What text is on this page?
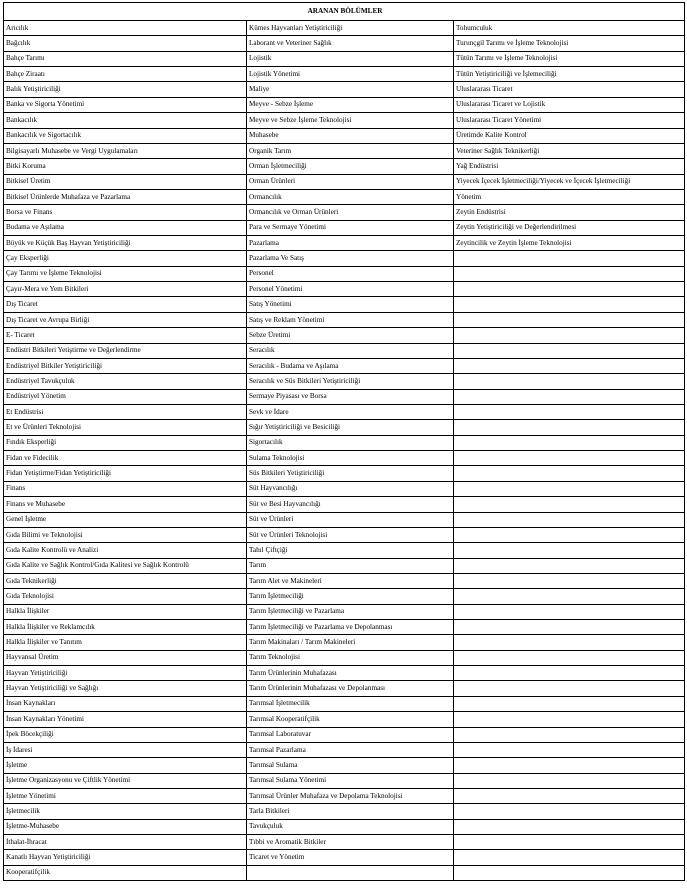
ARANAN BÖLÜMLER		
Arıcılık	Kümes Hayvanları Yetiştiriciliği	Tohumculuk
Bağcılık	Laborant ve Veteriner Sağlık	Turunçgil Tarımı ve İşleme Teknolojisi
Bahçe Tarımı	Lojistik	Tütün Tarımı ve İşleme Teknolojisi
Bahçe Ziraatı	Lojistik Yönetimi	Tütün Yetiştiriciliği ve İşlemeciliği
Balık Yetiştiriciliği	Maliye	Uluslararası Ticaret
Banka ve Sigorta Yönetimi	Meyve - Sebze İşleme	Uluslararası Ticaret ve Lojistik
Bankacılık	Meyve ve Sebze İşleme Teknolojisi	Uluslararası Ticaret Yönetimi
Bankacılık ve Sigortacılık	Muhasebe	Üretimde Kalite Kontrol
Bilgisayarlı Muhasebe ve Vergi Uygulamaları	Organik Tarım	Veteriner Sağlık Teknikerliği
Bitki Koruma	Orman İşletmeciliği	Yağ Endüstrisi
Bitkisel Üretim	Orman Ürünleri	Yiyecek İçecek İşletmeciliği/Yiyecek ve İçecek İşletmeciliği
Bitkisel Ürünlerde Muhafaza ve Pazarlama	Ormancılık	Yönetim
Borsa ve Finans	Ormancılık ve Orman Ürünleri	Zeytin Endüstrisi
Budama ve Aşılama	Para ve Sermaye Yönetimi	Zeytin Yetiştiriciliği ve Değerlendirilmesi
Büyük ve Küçük Baş Hayvan Yetiştiriciliği	Pazarlama	Zeytincilik ve Zeytin İşleme Teknolojisi
Çay Eksperliği	Pazarlama Ve Satış	
Çay Tarımı ve İşleme Teknolojisi	Personel	
Çayır-Mera ve Yem Bitkileri	Personel Yönetimi	
Dış Ticaret	Satış Yönetimi	
Dış Ticaret ve Avrupa Birliği	Satış ve Reklam Yönetimi	
E- Ticaret	Sebze Üretimi	
Endüstri Bitkileri Yetiştirme ve Değerlendirme	Seracılık	
Endüstriyel Bitkiler Yetiştiriciliği	Seracılık - Budama ve Aşılama	
Endüstriyel Tavukçuluk	Seracılık ve Süs Bitkileri Yetiştiriciliği	
Endüstriyel Yönetim	Sermaye Piyasası ve Borsa	
Et Endüstrisi	Sevk ve İdare	
Et ve Ürünleri Teknolojisi	Sığır Yetiştiriciliği ve Besiciliği	
Fındık Eksperliği	Sigortacılık	
Fidan ve Fidecilik	Sulama Teknolojisi	
Fidan Yetiştirme/Fidan Yetiştiriciliği	Süs Bitkileri Yetiştiriciliği	
Finans	Süt Hayvancılığı	
Finans ve Muhasebe	Süt ve Besi Hayvancılığı	
Genel İşletme	Süt ve Ürünleri	
Gıda Bilimi ve Teknolojisi	Süt ve Ürünleri Teknolojisi	
Gıda Kalite Kontrolü ve Analizi	Tahıl Çiftçiği	
Gıda Kalite ve Sağlık Kontrol/Gıda Kalitesi ve Sağlık Kontrolü	Tarım	
Gıda Teknikerliği	Tarım Alet ve Makineleri	
Gıda Teknolojisi	Tarım İşletmeciliği	
Halkla İlişkiler	Tarım İşletmeciliği ve Pazarlama	
Halkla İlişkiler ve Reklamcılık	Tarım İşletmeciliği ve Pazarlama ve Depolanması	
Halkla İlişkiler ve Tanıtım	Tarım Makinaları / Tarım Makineleri	
Hayvansal Üretim	Tarım Teknolojisi	
Hayvan Yetiştiriciliği	Tarım Ürünlerinin Muhafazası	
Hayvan Yetiştiriciliği ve Sağlığı	Tarım Ürünlerinin Muhafazası ve Depolanması	
İnsan Kaynakları	Tarımsal İşletmecilik	
İnsan Kaynakları Yönetimi	Tarımsal Kooperatifçilik	
İpek Böcekçiliği	Tarımsal Laboratuvar	
İş İdaresi	Tarımsal Pazarlama	
İşletme	Tarımsal Sulama	
İşletme Organizasyonu ve Çiftlik Yönetimi	Tarımsal Sulama Yönetimi	
İşletme Yönetimi	Tarımsal Ürünler Muhafaza ve Depolama Teknolojisi	
İşletmecilik	Tarla Bitkileri	
İşletme-Muhasebe	Tavukçuluk	
İthalat-İhracat	Tıbbi ve Aromatik Bitkiler	
Kanatlı Hayvan Yetiştiriciliği	Ticaret ve Yönetim	
Kooperatifçilik		
